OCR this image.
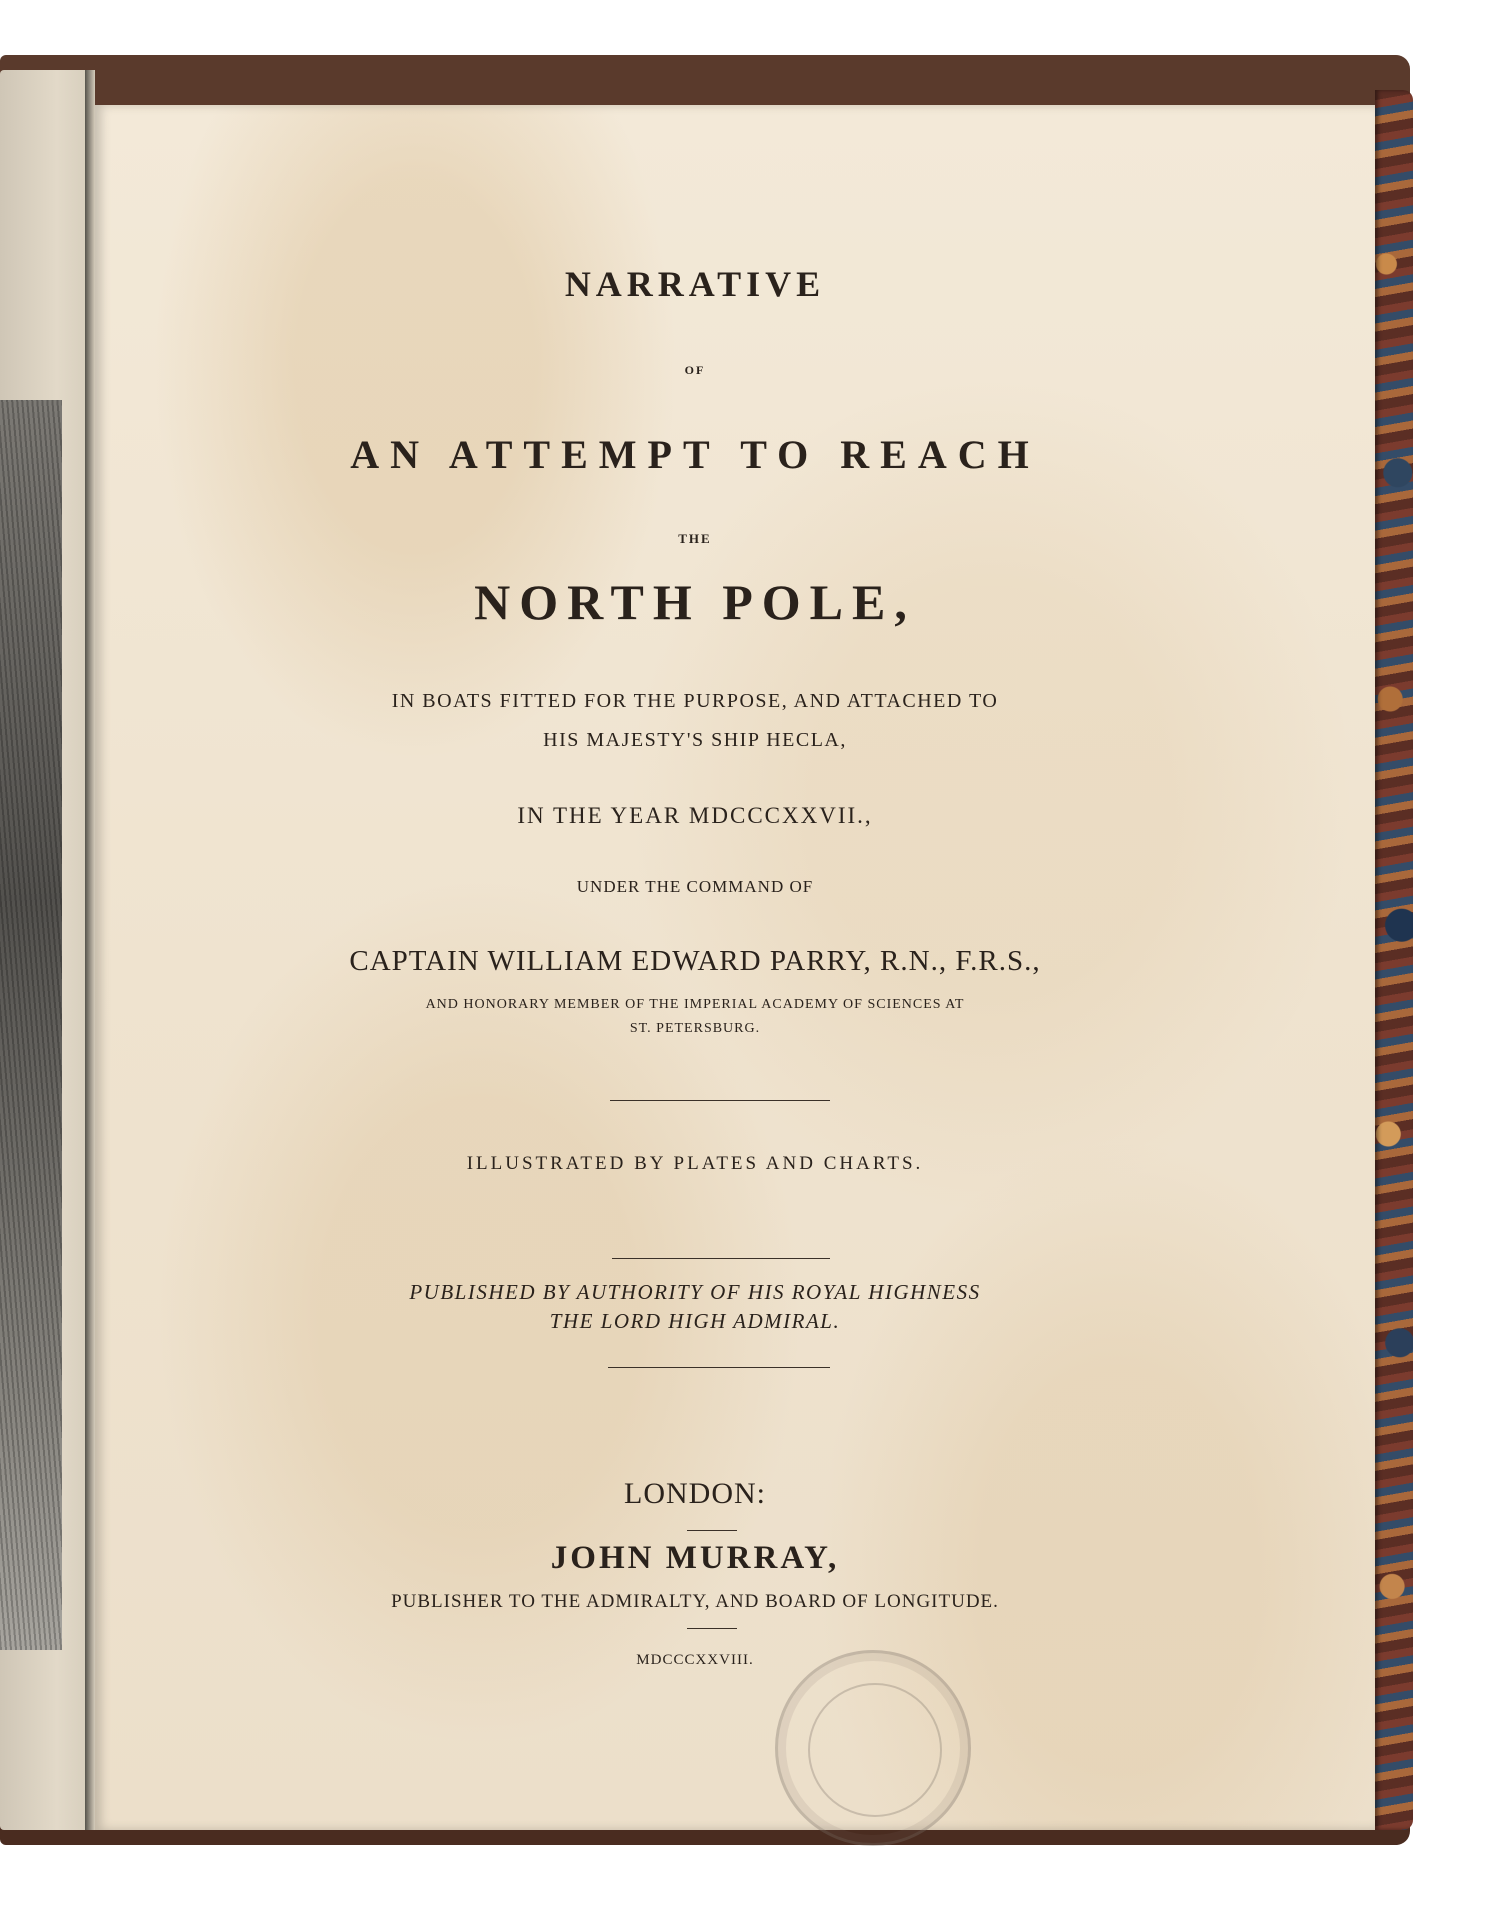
NARRATIVE
OF
AN ATTEMPT TO REACH
THE
NORTH POLE,
IN BOATS FITTED FOR THE PURPOSE, AND ATTACHED TO
HIS MAJESTY'S SHIP HECLA,
IN THE YEAR MDCCCXXVII.,
UNDER THE COMMAND OF
CAPTAIN WILLIAM EDWARD PARRY, R.N., F.R.S.,
AND HONORARY MEMBER OF THE IMPERIAL ACADEMY OF SCIENCES AT
ST. PETERSBURG.
ILLUSTRATED BY PLATES AND CHARTS.
PUBLISHED BY AUTHORITY OF HIS ROYAL HIGHNESS
THE LORD HIGH ADMIRAL.
LONDON:
JOHN MURRAY,
PUBLISHER TO THE ADMIRALTY, AND BOARD OF LONGITUDE.
MDCCCXXVIII.
